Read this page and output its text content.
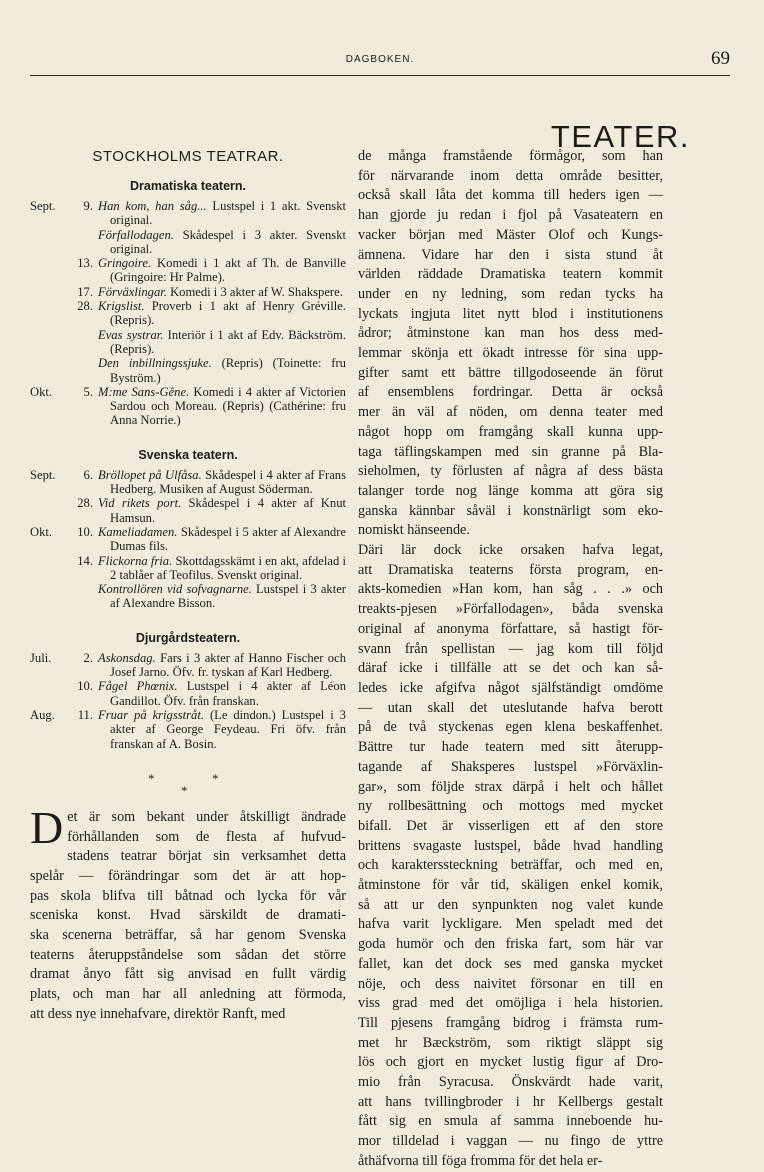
DAGBOKEN.	69
TEATER.
STOCKHOLMS TEATRAR.
Dramatiska teatern.
Sept.	9. Han kom, han såg... Lustspel i 1 akt. Svenskt original.
Förfallodagen. Skådespel i 3 akter. Svenskt original.
13. Gringoire. Komedi i 1 akt af Th. de Banville (Gringoire: Hr Palme).
17. Förväxlingar. Komedi i 3 akter af W. Shakspere.
28. Krigslist. Proverb i 1 akt af Henry Gréville. (Repris).
Evas systrar. Interiör i 1 akt af Edv. Bäckström. (Repris).
Den inbillningssjuke. (Repris) (Toinette: fru Byström.)
Okt.	5. M:me Sans-Gêne. Komedi i 4 akter af Victorien Sardou och Moreau. (Repris) (Cathérine: fru Anna Norrie.)
Svenska teatern.
Sept.	6. Bröllopet på Ulfåsa. Skådespel i 4 akter af Frans Hedberg. Musiken af August Söderman.
28. Vid rikets port. Skådespel i 4 akter af Knut Hamsun.
Okt.	10. Kameliadamen. Skådespel i 5 akter af Alexandre Dumas fils.
14. Flickorna fria. Skottdagsskämt i en akt, afdelad i 2 tablåer af Teofilus. Svenskt original.
Kontrollören vid sofvagnarne. Lustspel i 3 akter af Alexandre Bisson.
Djurgårdsteatern.
Juli.	2. Askonsdag. Fars i 3 akter af Hanno Fischer och Josef Jarno. Öfv. fr. tyskan af Karl Hedberg.
10. Fågel Phœnix. Lustspel i 4 akter af Léon Gandillot. Öfv. från franskan.
Aug.	11. Fruar på krigsstråt. (Le dindon.) Lustspel i 3 akter af George Feydeau. Fri öfv. från franskan af A. Bosin.
*	*
*
D et är som bekant under åtskilligt ändrade
förhållanden som de flesta af hufvud-
stadens teatrar börjat sin verksamhet detta
spelår — förändringar som det är att hop-
pas skola blifva till båtnad och lycka för vår
sceniska konst. Hvad särskildt de dramati-
ska scenerna beträffar, så har genom Svenska
teaterns återuppståndelse som sådan det större
dramat ånyo fått sig anvisad en fullt värdig
plats, och man har all anledning att förmoda,
att dess nye innehafvare, direktör Ranft, med
de många framstående förmågor, som han
för närvarande inom detta område besitter,
också skall låta det komma till heders igen —
han gjorde ju redan i fjol på Vasateatern en
vacker början med Mäster Olof och Kungs-
ämnena. Vidare har den i sista stund åt
världen räddade Dramatiska teatern kommit
under en ny ledning, som redan tycks ha
lyckats ingjuta litet nytt blod i institutionens
ådror; åtminstone kan man hos dess med-
lemmar skönja ett ökadt intresse för sina upp-
gifter samt ett bättre tillgodoseende än förut
af ensemblens fordringar. Detta är också
mer än väl af nöden, om denna teater med
något hopp om framgång skall kunna upp-
taga täflingskampen med sin granne på Bla-
sieholmen, ty förlusten af några af dess bästa
talanger torde nog länge komma att göra sig
ganska kännbar såväl i konstnärligt som eko-
nomiskt hänseende.
Däri lär dock icke orsaken hafva legat,
att Dramatiska teaterns första program, en-
akts-komedien »Han kom, han såg . . .» och
treakts-pjesen »Förfallodagen», båda svenska
original af anonyma författare, så hastigt för-
svann från spellistan — jag kom till följd
däraf icke i tillfälle att se det och kan så-
ledes icke afgifva något själfständigt omdöme
— utan skall det uteslutande hafva berott
på de två styckenas egen klena beskaffenhet.
Bättre tur hade teatern med sitt återupp-
tagande af Shaksperes lustspel »Förväxlin-
gar», som följde strax därpå i helt och hållet
ny rollbesättning och mottogs med mycket
bifall. Det är visserligen ett af den store
brittens svagaste lustspel, både hvad handling
och karakterssteckning beträffar, och med en,
åtminstone för vår tid, skäligen enkel komik,
så att ur den synpunkten nog valet kunde
hafva varit lyckligare. Men speladt med det
goda humör och den friska fart, som här var
fallet, kan det dock ses med ganska mycket
nöje, och dess naivitet försonar en till en
viss grad med det omöjliga i hela historien.
Till pjesens framgång bidrog i främsta rum-
met hr Bæckström, som riktigt släppt sig
lös och gjort en mycket lustig figur af Dro-
mio från Syracusa. Önskvärdt hade varit,
att hans tvillingbroder i hr Kellbergs gestalt
fått sig en smula af samma inneboende hu-
mor tilldelad i vaggan — nu fingo de yttre
åthäfvorna till föga fromma för det hela er-
